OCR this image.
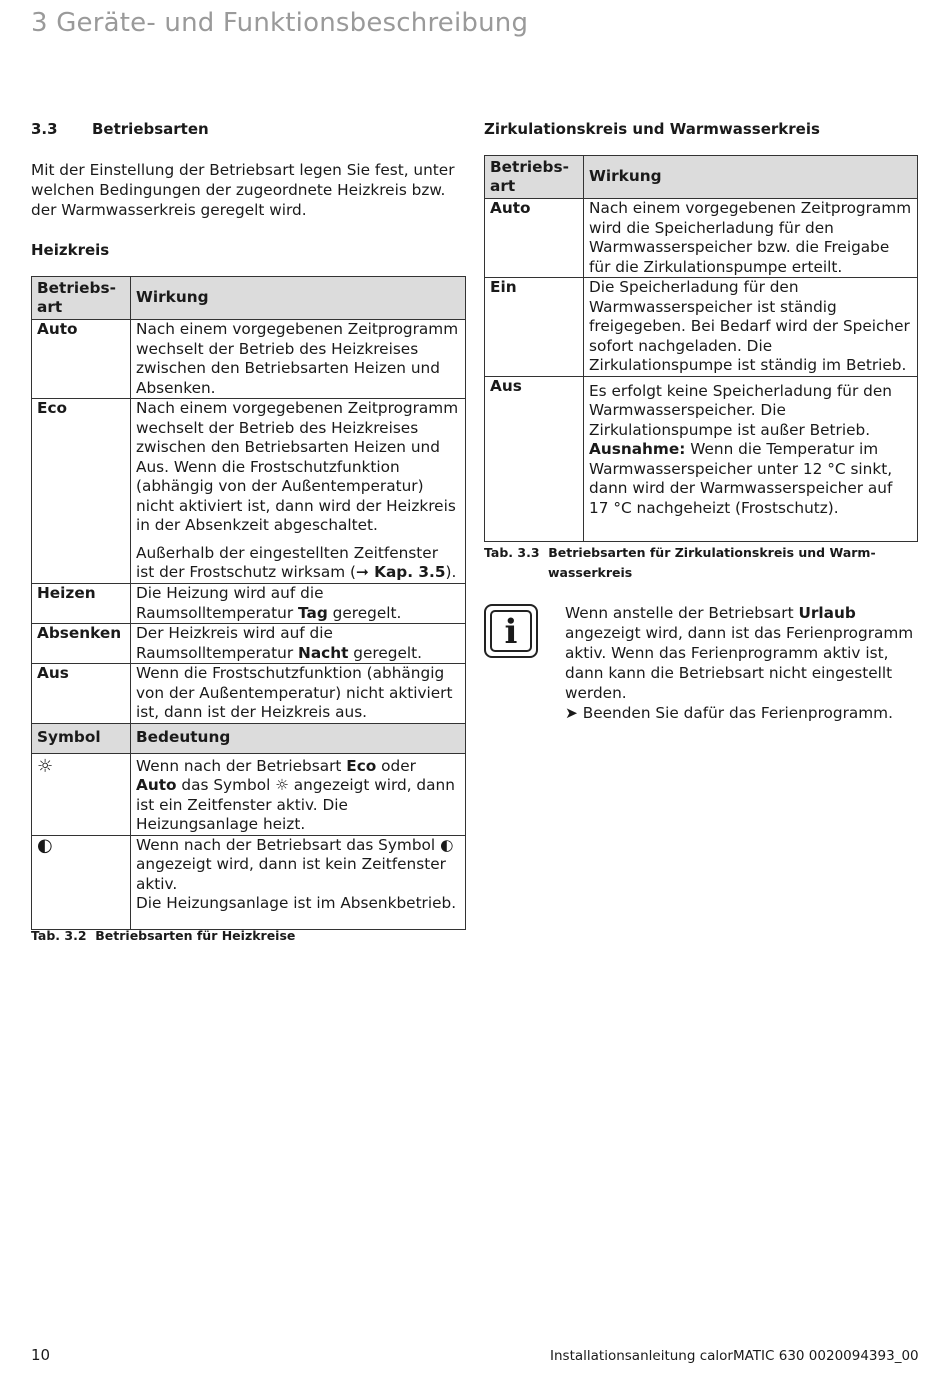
3 Geräte- und Funktionsbeschreibung
3.3 Betriebsarten
Mit der Einstellung der Betriebsart legen Sie fest, unter welchen Bedingungen der zugeordnete Heizkreis bzw. der Warmwasserkreis geregelt wird.
Heizkreis
Betriebs-art	Wirkung
Auto	Nach einem vorgegebenen Zeitprogramm wechselt der Betrieb des Heizkreises zwischen den Betriebsarten Heizen und Absenken.
Eco	Nach einem vorgegebenen Zeitprogramm wechselt der Betrieb des Heizkreises zwischen den Betriebsarten Heizen und Aus. Wenn die Frostschutzfunktion (abhängig von der Außentemperatur) nicht aktiviert ist, dann wird der Heizkreis in der Absenkzeit abgeschaltet.
Außerhalb der eingestellten Zeitfenster ist der Frostschutz wirksam (➞ Kap. 3.5).

Heizen	Die Heizung wird auf die Raumsolltemperatur Tag geregelt.
Absenken	Der Heizkreis wird auf die Raumsolltemperatur Nacht geregelt.
Aus	Wenn die Frostschutzfunktion (abhängig von der Außentemperatur) nicht aktiviert ist, dann ist der Heizkreis aus.
Symbol	Bedeutung
☼	Wenn nach der Betriebsart Eco oder Auto das Symbol ☼ angezeigt wird, dann ist ein Zeitfenster aktiv. Die Heizungsanlage heizt.
◐	Wenn nach der Betriebsart das Symbol ◐ angezeigt wird, dann ist kein Zeitfenster aktiv.
Die Heizungsanlage ist im Absenkbetrieb.
Tab. 3.2 Betriebsarten für Heizkreise
Zirkulationskreis und Warmwasserkreis
Betriebs-art	Wirkung
Auto	Nach einem vorgegebenen Zeitprogramm wird die Speicherladung für den Warmwasserspeicher bzw. die Freigabe für die Zirkulationspumpe erteilt.
Ein	Die Speicherladung für den Warmwasserspeicher ist ständig freigegeben. Bei Bedarf wird der Speicher sofort nachgeladen. Die Zirkulationspumpe ist ständig im Betrieb.
Aus	Es erfolgt keine Speicherladung für den Warmwasserspeicher. Die Zirkulationspumpe ist außer Betrieb. Ausnahme: Wenn die Temperatur im Warmwasserspeicher unter 12 °C sinkt, dann wird der Warmwasserspeicher auf 17 °C nachgeheizt (Frostschutz).
Tab. 3.3 Betriebsarten für Zirkulationskreis und Warm-
wasserkreis
i	Wenn anstelle der Betriebsart Urlaub angezeigt wird, dann ist das Ferienprogramm aktiv. Wenn das Ferienprogramm aktiv ist, dann kann die Betriebsart nicht eingestellt werden.
➤ Beenden Sie dafür das Ferienprogramm.
10	Installationsanleitung calorMATIC 630 0020094393_00
